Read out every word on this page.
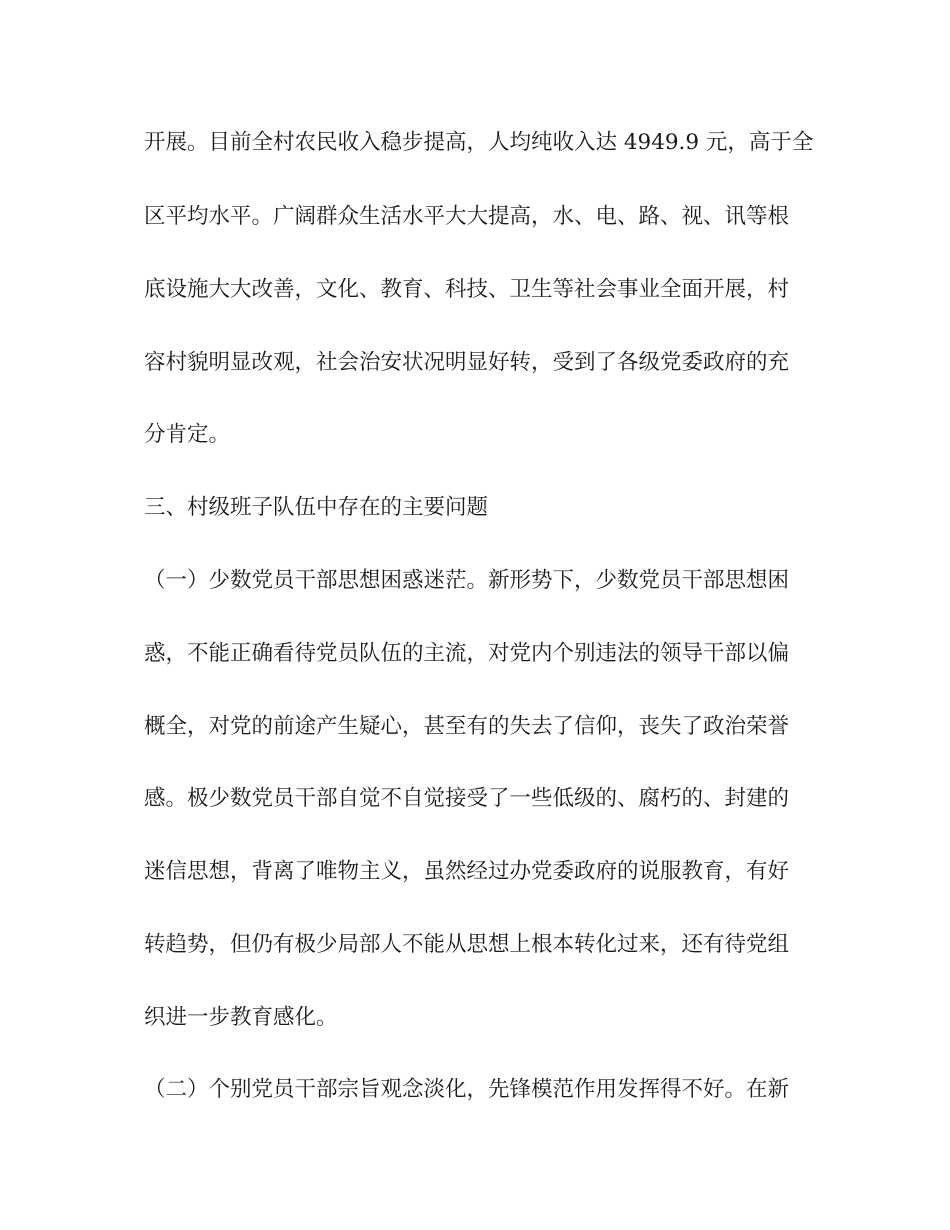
开展。目前全村农民收入稳步提高，人均纯收入达 4949.9 元，高于全
区平均水平。广阔群众生活水平大大提高，水、电、路、视、讯等根
底设施大大改善，文化、教育、科技、卫生等社会事业全面开展，村
容村貌明显改观，社会治安状况明显好转，受到了各级党委政府的充
分肯定。
三、村级班子队伍中存在的主要问题
（一）少数党员干部思想困惑迷茫。新形势下，少数党员干部思想困
惑，不能正确看待党员队伍的主流，对党内个别违法的领导干部以偏
概全，对党的前途产生疑心，甚至有的失去了信仰，丧失了政治荣誉
感。极少数党员干部自觉不自觉接受了一些低级的、腐朽的、封建的
迷信思想，背离了唯物主义，虽然经过办党委政府的说服教育，有好
转趋势，但仍有极少局部人不能从思想上根本转化过来，还有待党组
织进一步教育感化。
（二）个别党员干部宗旨观念淡化，先锋模范作用发挥得不好。在新
